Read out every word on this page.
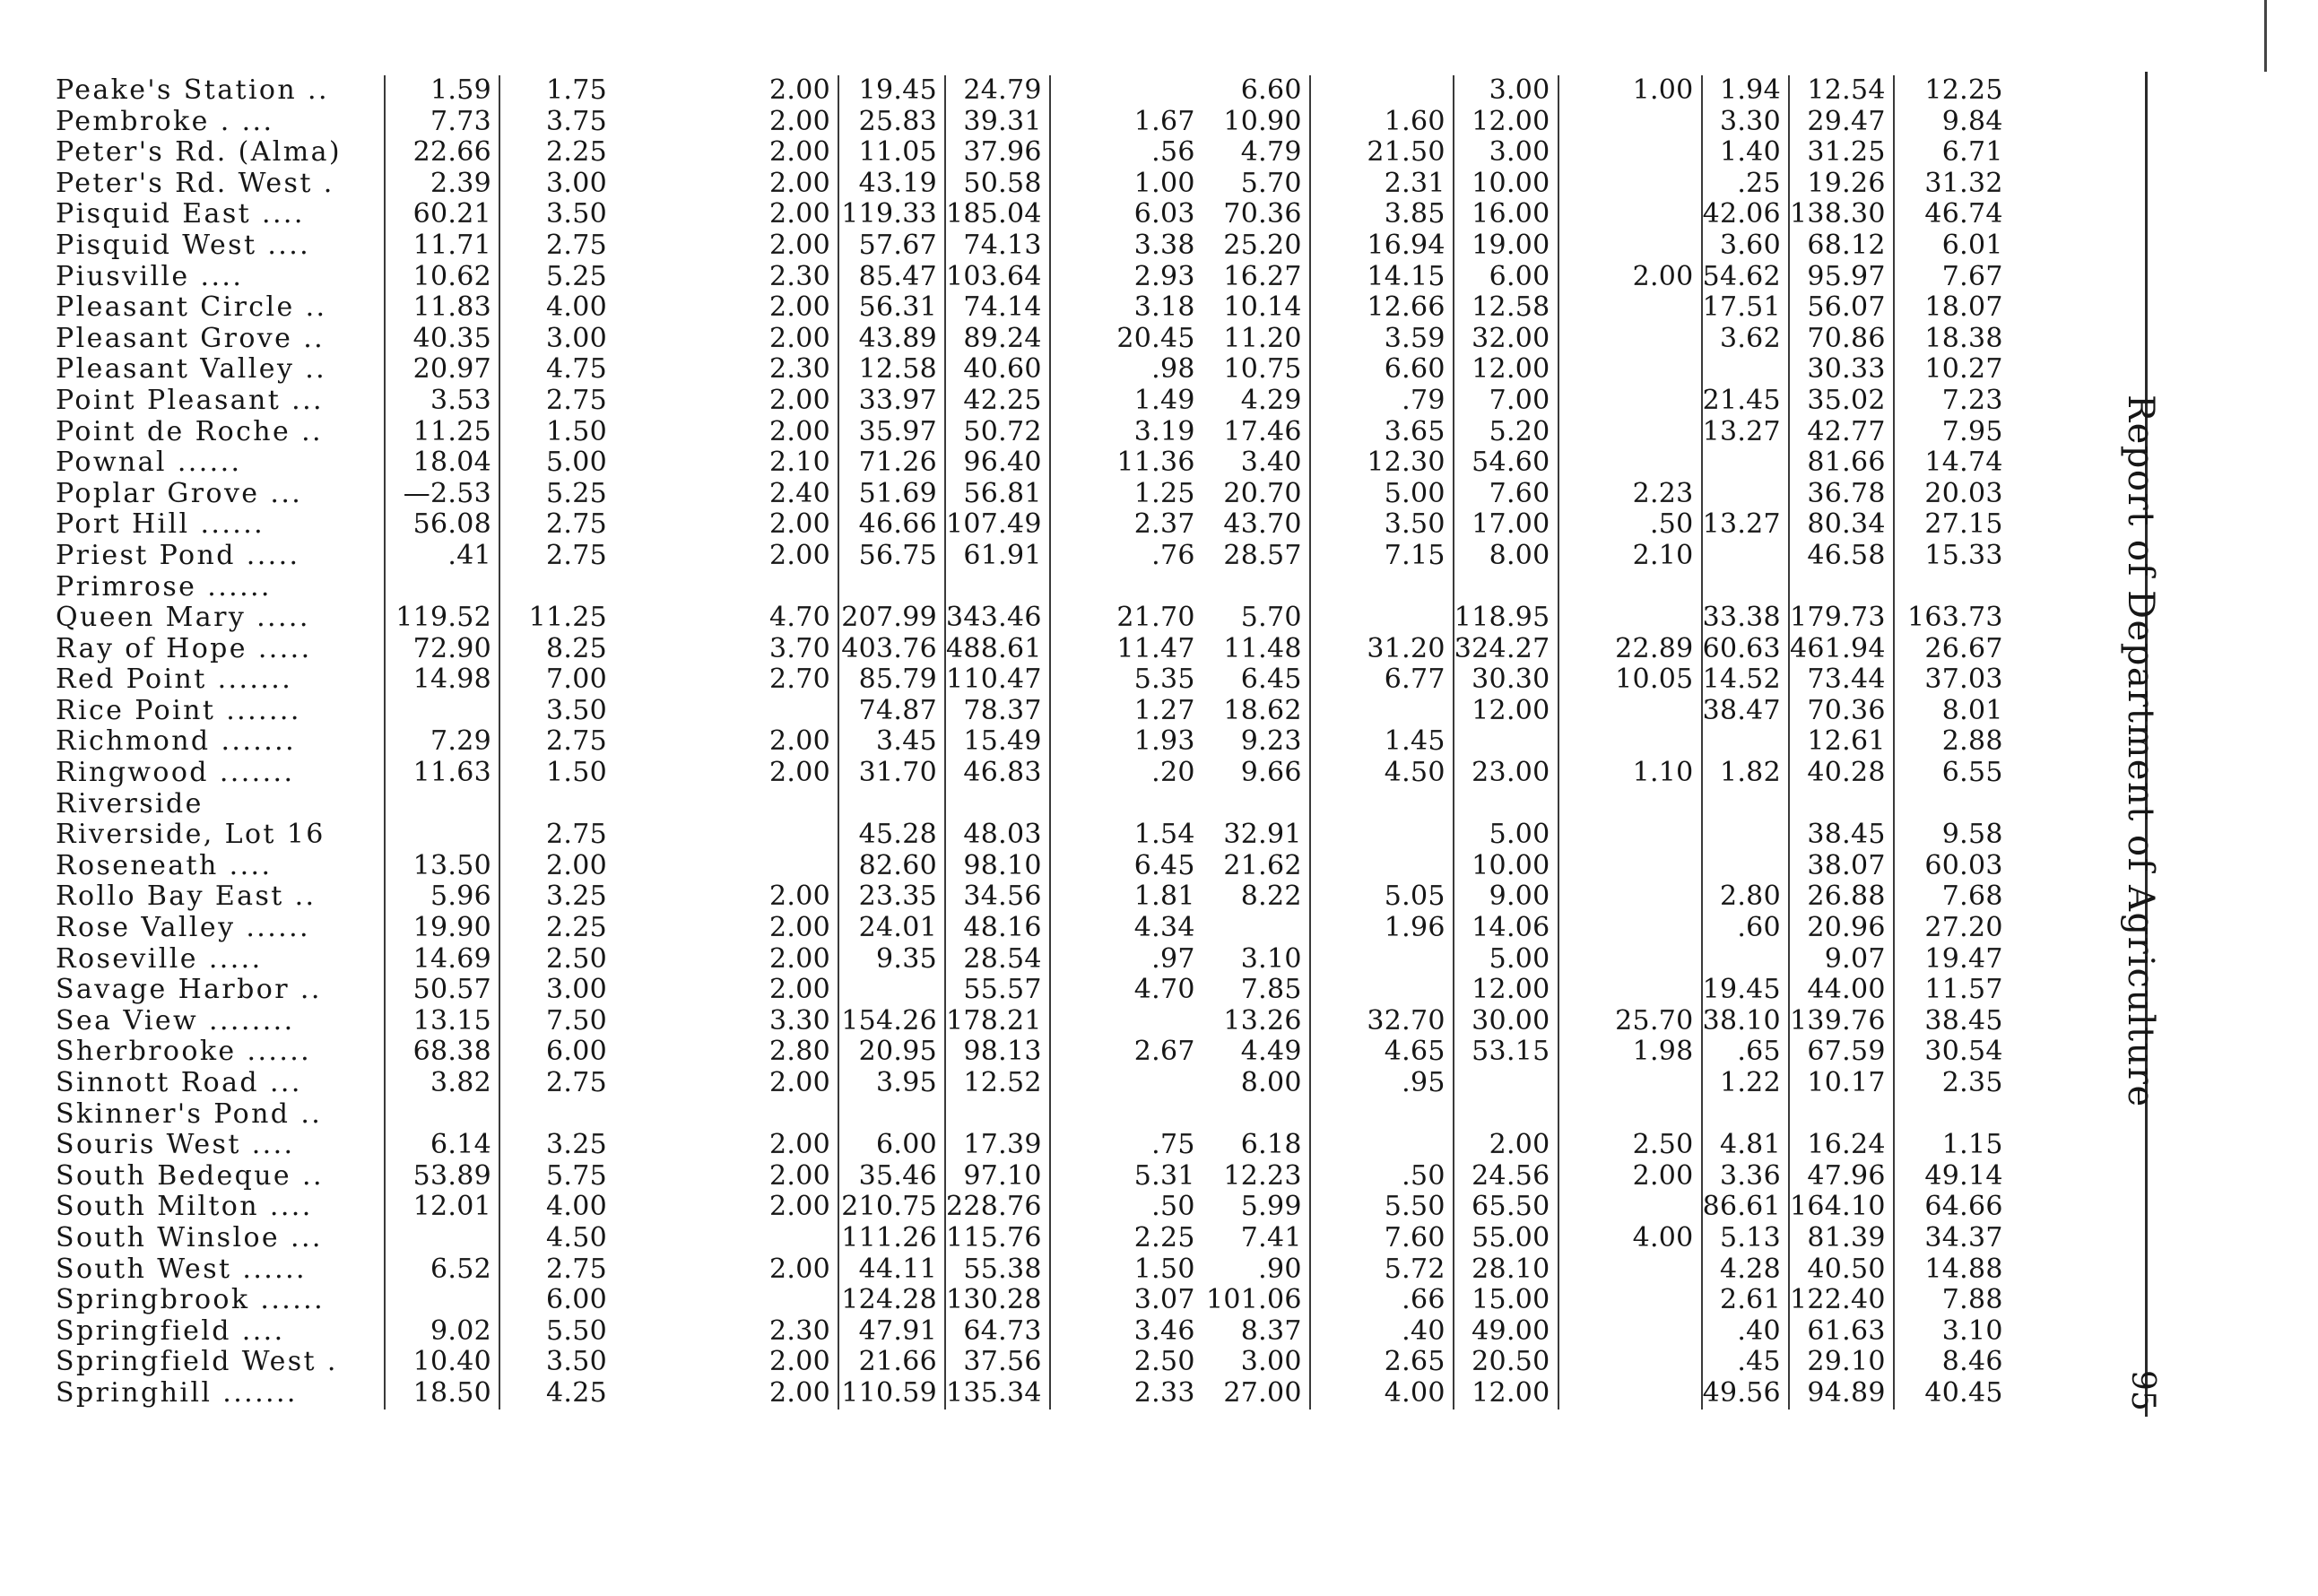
Peake's Station ..	1.59	1.75			2.00	19.45	24.79		6.60		3.00	1.00	1.94	12.54	12.25
Pembroke . ...	7.73	3.75			2.00	25.83	39.31	1.67	10.90	1.60	12.00		3.30	29.47	9.84
Peter's Rd. (Alma)	22.66	2.25			2.00	11.05	37.96	.56	4.79	21.50	3.00		1.40	31.25	6.71
Peter's Rd. West .	2.39	3.00			2.00	43.19	50.58	1.00	5.70	2.31	10.00		.25	19.26	31.32
Pisquid East ....	60.21	3.50			2.00	119.33	185.04	6.03	70.36	3.85	16.00		42.06	138.30	46.74
Pisquid West ....	11.71	2.75			2.00	57.67	74.13	3.38	25.20	16.94	19.00		3.60	68.12	6.01
Piusville ....	10.62	5.25			2.30	85.47	103.64	2.93	16.27	14.15	6.00	2.00	54.62	95.97	7.67
Pleasant Circle ..	11.83	4.00			2.00	56.31	74.14	3.18	10.14	12.66	12.58		17.51	56.07	18.07
Pleasant Grove ..	40.35	3.00			2.00	43.89	89.24	20.45	11.20	3.59	32.00		3.62	70.86	18.38
Pleasant Valley ..	20.97	4.75			2.30	12.58	40.60	.98	10.75	6.60	12.00			30.33	10.27
Point Pleasant ...	3.53	2.75			2.00	33.97	42.25	1.49	4.29	.79	7.00		21.45	35.02	7.23
Point de Roche ..	11.25	1.50			2.00	35.97	50.72	3.19	17.46	3.65	5.20		13.27	42.77	7.95
Pownal ......	18.04	5.00			2.10	71.26	96.40	11.36	3.40	12.30	54.60			81.66	14.74
Poplar Grove ...	—2.53	5.25			2.40	51.69	56.81	1.25	20.70	5.00	7.60	2.23		36.78	20.03
Port Hill ......	56.08	2.75			2.00	46.66	107.49	2.37	43.70	3.50	17.00	.50	13.27	80.34	27.15
Priest Pond .....	.41	2.75			2.00	56.75	61.91	.76	28.57	7.15	8.00	2.10		46.58	15.33
Primrose ......															
Queen Mary .....	119.52	11.25			4.70	207.99	343.46	21.70	5.70		118.95		33.38	179.73	163.73
Ray of Hope .....	72.90	8.25			3.70	403.76	488.61	11.47	11.48	31.20	324.27	22.89	60.63	461.94	26.67
Red Point .......	14.98	7.00			2.70	85.79	110.47	5.35	6.45	6.77	30.30	10.05	14.52	73.44	37.03
Rice Point .......		3.50				74.87	78.37	1.27	18.62		12.00		38.47	70.36	8.01
Richmond .......	7.29	2.75			2.00	3.45	15.49	1.93	9.23	1.45				12.61	2.88
Ringwood .......	11.63	1.50			2.00	31.70	46.83	.20	9.66	4.50	23.00	1.10	1.82	40.28	6.55
Riverside															
Riverside, Lot 16		2.75				45.28	48.03	1.54	32.91		5.00			38.45	9.58
Roseneath ....	13.50	2.00				82.60	98.10	6.45	21.62		10.00			38.07	60.03
Rollo Bay East ..	5.96	3.25			2.00	23.35	34.56	1.81	8.22	5.05	9.00		2.80	26.88	7.68
Rose Valley ......	19.90	2.25			2.00	24.01	48.16	4.34		1.96	14.06		.60	20.96	27.20
Roseville .....	14.69	2.50			2.00	9.35	28.54	.97	3.10		5.00			9.07	19.47
Savage Harbor ..	50.57	3.00			2.00		55.57	4.70	7.85		12.00		19.45	44.00	11.57
Sea View ........	13.15	7.50			3.30	154.26	178.21		13.26	32.70	30.00	25.70	38.10	139.76	38.45
Sherbrooke ......	68.38	6.00			2.80	20.95	98.13	2.67	4.49	4.65	53.15	1.98	.65	67.59	30.54
Sinnott Road ...	3.82	2.75			2.00	3.95	12.52		8.00	.95			1.22	10.17	2.35
Skinner's Pond ..															
Souris West ....	6.14	3.25			2.00	6.00	17.39	.75	6.18		2.00	2.50	4.81	16.24	1.15
South Bedeque ..	53.89	5.75			2.00	35.46	97.10	5.31	12.23	.50	24.56	2.00	3.36	47.96	49.14
South Milton ....	12.01	4.00			2.00	210.75	228.76	.50	5.99	5.50	65.50		86.61	164.10	64.66
South Winsloe ...		4.50				111.26	115.76	2.25	7.41	7.60	55.00	4.00	5.13	81.39	34.37
South West ......	6.52	2.75			2.00	44.11	55.38	1.50	.90	5.72	28.10		4.28	40.50	14.88
Springbrook ......		6.00				124.28	130.28	3.07	101.06	.66	15.00		2.61	122.40	7.88
Springfield ....	9.02	5.50			2.30	47.91	64.73	3.46	8.37	.40	49.00		.40	61.63	3.10
Springfield West .	10.40	3.50			2.00	21.66	37.56	2.50	3.00	2.65	20.50		.45	29.10	8.46
Springhill .......	18.50	4.25			2.00	110.59	135.34	2.33	27.00	4.00	12.00		49.56	94.89	40.45
Report of Department of Agriculture
95
